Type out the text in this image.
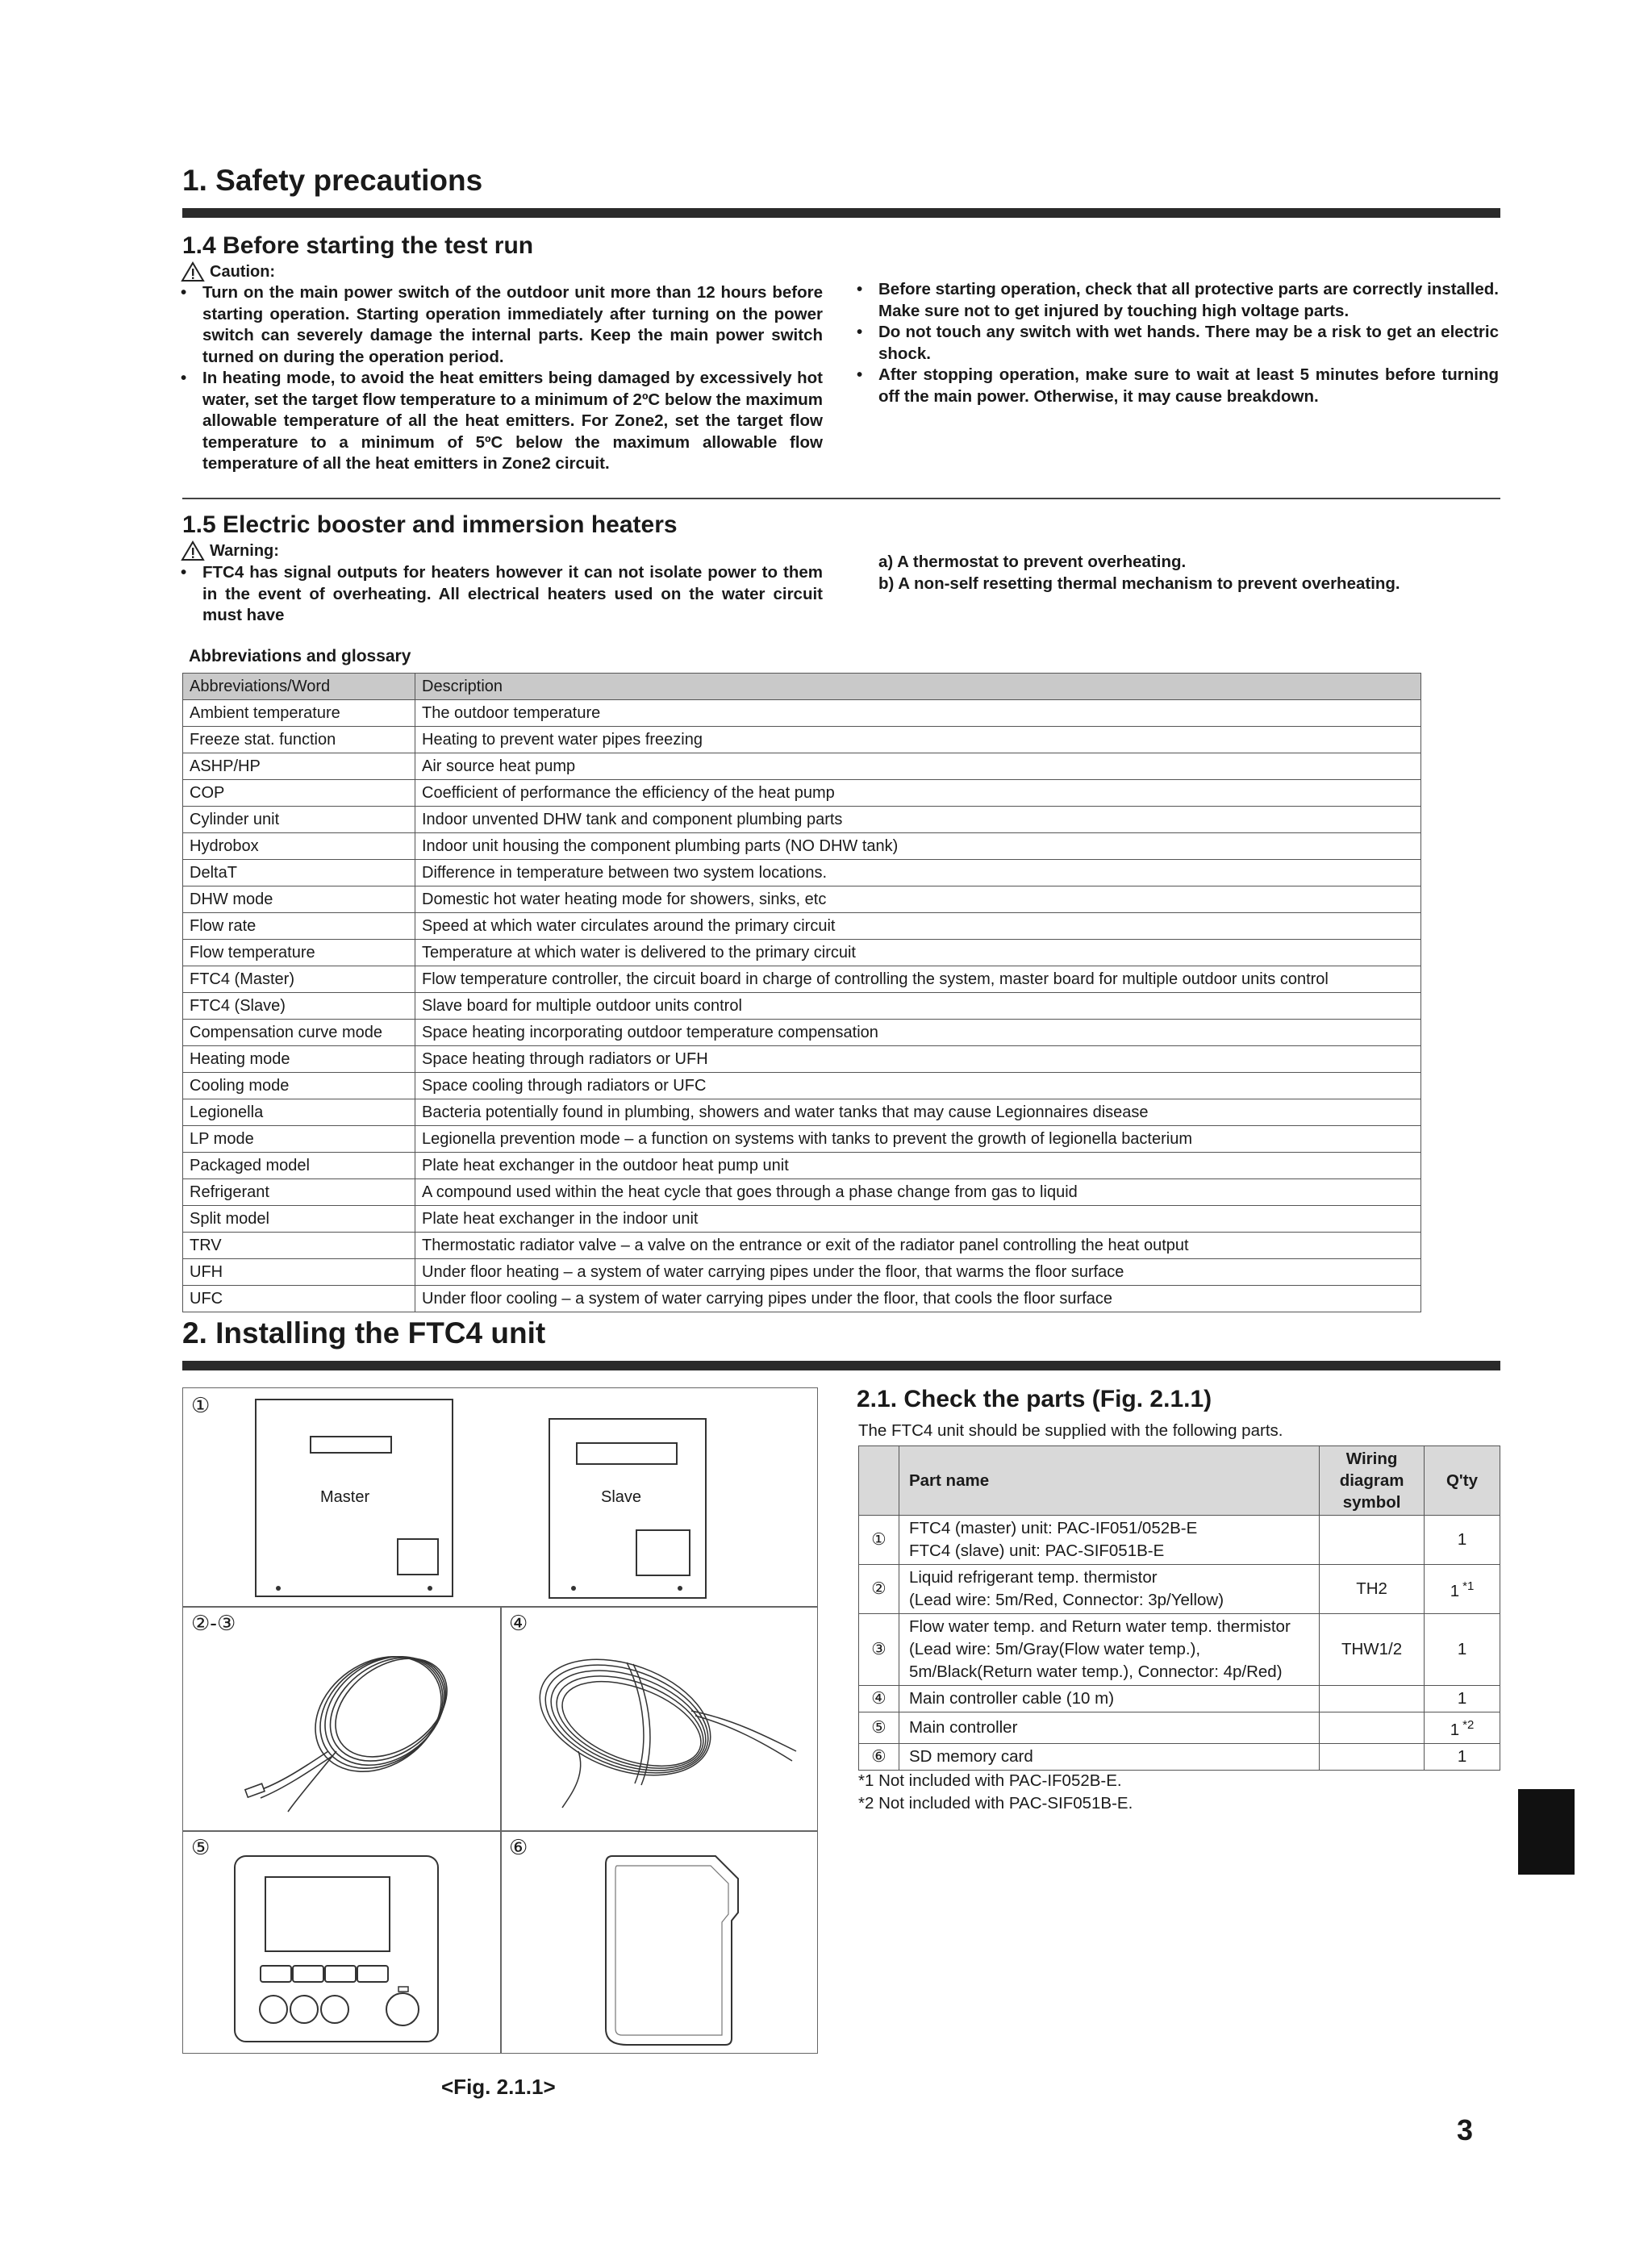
1. Safety precautions
1.4 Before starting the test run
Caution:
• Turn on the main power switch of the outdoor unit more than 12 hours before starting operation. Starting operation immediately after turning on the power switch can severely damage the internal parts. Keep the main power switch turned on during the operation period.
• In heating mode, to avoid the heat emitters being damaged by excessively hot water, set the target flow temperature to a minimum of 2ºC below the maximum allowable temperature of all the heat emitters. For Zone2, set the target flow temperature to a minimum of 5ºC below the maximum allowable flow temperature of all the heat emitters in Zone2 circuit.
• Before starting operation, check that all protective parts are correctly installed. Make sure not to get injured by touching high voltage parts.
• Do not touch any switch with wet hands. There may be a risk to get an electric shock.
• After stopping operation, make sure to wait at least 5 minutes before turning off the main power. Otherwise, it may cause breakdown.
1.5 Electric booster and immersion heaters
Warning:
• FTC4 has signal outputs for heaters however it can not isolate power to them in the event of overheating. All electrical heaters used on the water circuit must have
a) A thermostat to prevent overheating.
b) A non-self resetting thermal mechanism to prevent overheating.
Abbreviations and glossary
Abbreviations/Word	Description
Ambient temperature	The outdoor temperature
Freeze stat. function	Heating to prevent water pipes freezing
ASHP/HP	Air source heat pump
COP	Coefficient of performance the efficiency of the heat pump
Cylinder unit	Indoor unvented DHW tank and component plumbing parts
Hydrobox	Indoor unit housing the component plumbing parts (NO DHW tank)
DeltaT	Difference in temperature between two system locations.
DHW mode	Domestic hot water heating mode for showers, sinks, etc
Flow rate	Speed at which water circulates around the primary circuit
Flow temperature	Temperature at which water is delivered to the primary circuit
FTC4 (Master)	Flow temperature controller, the circuit board in charge of controlling the system, master board for multiple outdoor units control
FTC4 (Slave)	Slave board for multiple outdoor units control
Compensation curve mode	Space heating incorporating outdoor temperature compensation
Heating mode	Space heating through radiators or UFH
Cooling mode	Space cooling through radiators or UFC
Legionella	Bacteria potentially found in plumbing, showers and water tanks that may cause Legionnaires disease
LP mode	Legionella prevention mode – a function on systems with tanks to prevent the growth of legionella bacterium
Packaged model	Plate heat exchanger in the outdoor heat pump unit
Refrigerant	A compound used within the heat cycle that goes through a phase change from gas to liquid
Split model	Plate heat exchanger in the indoor unit
TRV	Thermostatic radiator valve – a valve on the entrance or exit of the radiator panel controlling the heat output
UFH	Under floor heating – a system of water carrying pipes under the floor, that warms the floor surface
UFC	Under floor cooling – a system of water carrying pipes under the floor, that cools the floor surface
2. Installing the FTC4 unit
①
②-③	④
⑤	⑥
Master	Slave
<Fig. 2.1.1>
2.1. Check the parts (Fig. 2.1.1)
The FTC4 unit should be supplied with the following parts.
	Part name	Wiring diagram symbol	Q'ty
①	FTC4 (master) unit: PAC-IF051/052B-E
FTC4 (slave) unit: PAC-SIF051B-E		1
②	Liquid refrigerant temp. thermistor
(Lead wire: 5m/Red, Connector: 3p/Yellow)	TH2	1 $^{*1}$
③	Flow water temp. and Return water temp. thermistor
(Lead wire: 5m/Gray(Flow water temp.),
5m/Black(Return water temp.), Connector: 4p/Red)	THW1/2	1
④	Main controller cable (10 m)		1
⑤	Main controller		1 $^{*2}$
⑥	SD memory card		1
*1 Not included with PAC-IF052B-E.
*2 Not included with PAC-SIF051B-E.
3
